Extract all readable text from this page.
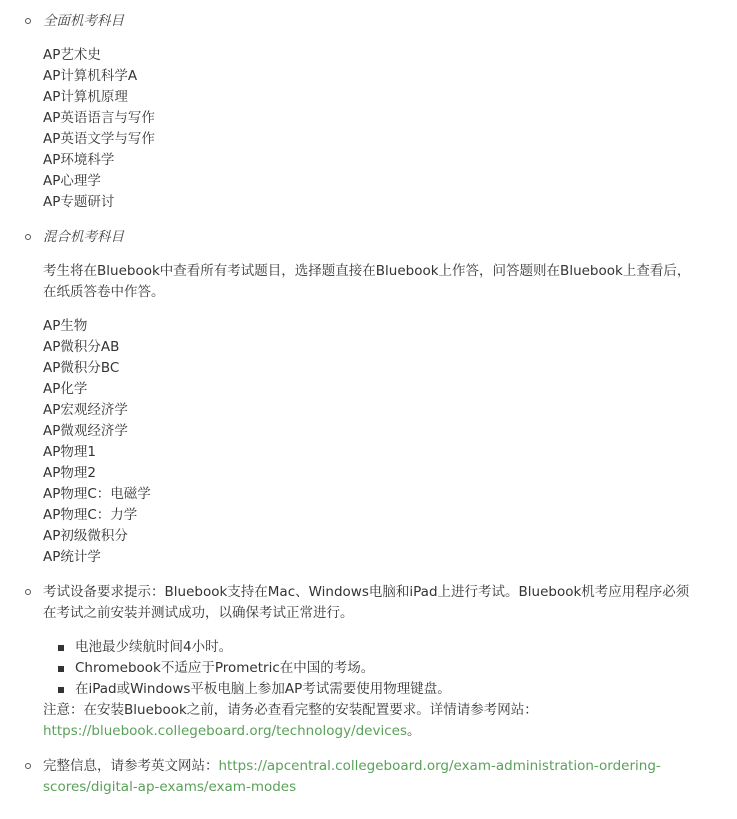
全面机考科目
AP艺术史
AP计算机科学A
AP计算机原理
AP英语语言与写作
AP英语文学与写作
AP环境科学
AP心理学
AP专题研讨
混合机考科目
考生将在Bluebook中查看所有考试题目，选择题直接在Bluebook上作答，问答题则在Bluebook上查看后，
在纸质答卷中作答。
AP生物
AP微积分AB
AP微积分BC
AP化学
AP宏观经济学
AP微观经济学
AP物理1
AP物理2
AP物理C：电磁学
AP物理C：力学
AP初级微积分
AP统计学
考试设备要求提示：Bluebook支持在Mac、Windows电脑和iPad上进行考试。Bluebook机考应用程序必须
在考试之前安装并测试成功，以确保考试正常进行。
电池最少续航时间4小时。
Chromebook不适应于Prometric在中国的考场。
在iPad或Windows平板电脑上参加AP考试需要使用物理键盘。
注意：在安装Bluebook之前，请务必查看完整的安装配置要求。详情请参考网站：
https://bluebook.collegeboard.org/technology/devices。
完整信息，请参考英文网站：https://apcentral.collegeboard.org/exam-administration-ordering-
scores/digital-ap-exams/exam-modes
